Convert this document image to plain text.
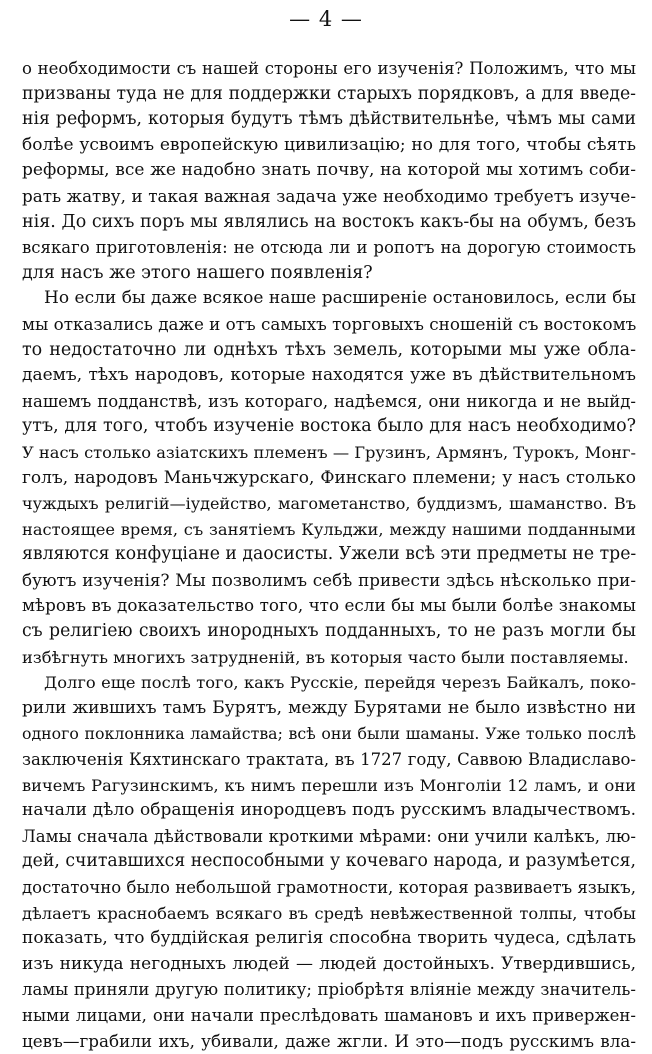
— 4 —
о необходимости съ нашей стороны его изученія? Положимъ, что мы
призваны туда не для поддержки старыхъ порядковъ, а для введе-
нія реформъ, которыя будутъ тѣмъ дѣйствительнѣе, чѣмъ мы сами
болѣе усвоимъ европейскую цивилизацію; но для того, чтобы сѣять
реформы, все же надобно знать почву, на которой мы хотимъ соби-
рать жатву, и такая важная задача уже необходимо требуетъ изуче-
нія. До сихъ поръ мы являлись на востокъ какъ-бы на обумъ, безъ
всякаго приготовленія: не отсюда ли и ропотъ на дорогую стоимость
для насъ же этого нашего появленія?
Но если бы даже всякое наше расширеніе остановилось, если бы
мы отказались даже и отъ самыхъ торговыхъ сношеній съ востокомъ
то недостаточно ли однѣхъ тѣхъ земель, которыми мы уже обла-
даемъ, тѣхъ народовъ, которые находятся уже въ дѣйствительномъ
нашемъ подданствѣ, изъ котораго, надѣемся, они никогда и не выйд-
утъ, для того, чтобъ изученіе востока было для насъ необходимо?
У насъ столько азіатскихъ племенъ — Грузинъ, Армянъ, Турокъ, Монг-
голъ, народовъ Маньчжурскаго, Финскаго племени; у насъ столько
чуждыхъ религій—іудейство, магометанство, буддизмъ, шаманство. Въ
настоящее время, съ занятіемъ Кульджи, между нашими подданными
являются конфуціане и даосисты. Ужели всѣ эти предметы не тре-
буютъ изученія? Мы позволимъ себѣ привести здѣсь нѣсколько при-
мѣровъ въ доказательство того, что если бы мы были болѣе знакомы
съ религіею своихъ инородныхъ подданныхъ, то не разъ могли бы
избѣгнуть многихъ затрудненій, въ которыя часто были поставляемы.
Долго еще послѣ того, какъ Русскіе, перейдя черезъ Байкалъ, поко-
рили жившихъ тамъ Бурятъ, между Бурятами не было извѣстно ни
одного поклонника ламайства; всѣ они были шаманы. Уже только послѣ
заключенія Кяхтинскаго трактата, въ 1727 году, Саввою Владиславо-
вичемъ Рагузинскимъ, къ нимъ перешли изъ Монголіи 12 ламъ, и они
начали дѣло обращенія инородцевъ подъ русскимъ владычествомъ.
Ламы сначала дѣйствовали кроткими мѣрами: они учили калѣкъ, лю-
дей, считавшихся неспособными у кочеваго народа, и разумѣется,
достаточно было небольшой грамотности, которая развиваетъ языкъ,
дѣлаетъ краснобаемъ всякаго въ средѣ невѣжественной толпы, чтобы
показать, что буддійская религія способна творить чудеса, сдѣлать
изъ никуда негодныхъ людей — людей достойныхъ. Утвердившись,
ламы приняли другую политику; пріобрѣтя вліяніе между значитель-
ными лицами, они начали преслѣдовать шамановъ и ихъ привержен-
цевъ—грабили ихъ, убивали, даже жгли. И это—подъ русскимъ вла-
